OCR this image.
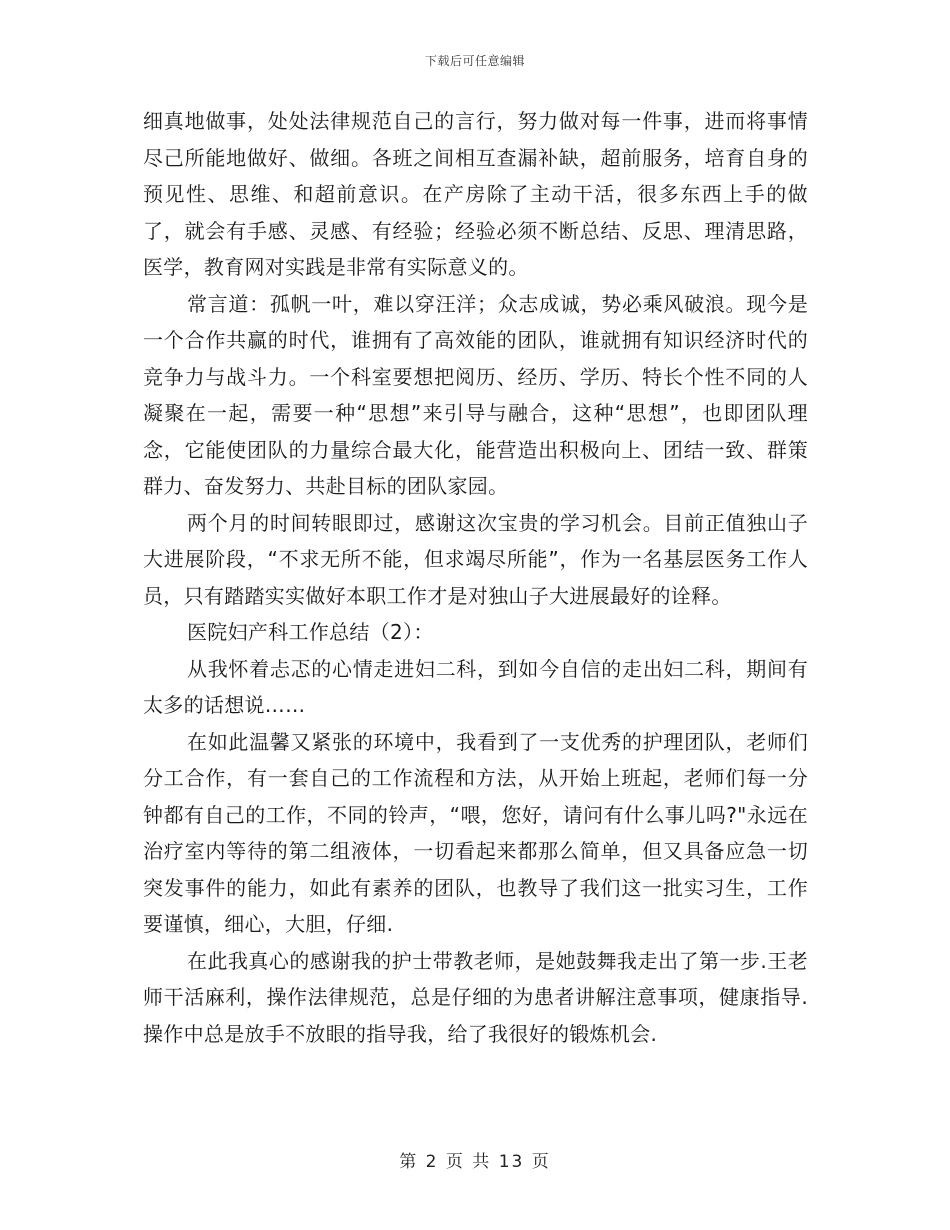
下载后可任意编辑

细真地做事，处处法律规范自己的言行，努力做对每一件事，进而将事情尽己所能地做好、做细。各班之间相互查漏补缺，超前服务，培育自身的预见性、思维、和超前意识。在产房除了主动干活，很多东西上手的做了，就会有手感、灵感、有经验；经验必须不断总结、反思、理清思路，医学，教育网对实践是非常有实际意义的。

常言道：孤帆一叶，难以穿汪洋；众志成诚，势必乘风破浪。现今是一个合作共赢的时代，谁拥有了高效能的团队，谁就拥有知识经济时代的竞争力与战斗力。一个科室要想把阅历、经历、学历、特长个性不同的人凝聚在一起，需要一种“思想”来引导与融合，这种“思想”，也即团队理念，它能使团队的力量综合最大化，能营造出积极向上、团结一致、群策群力、奋发努力、共赴目标的团队家园。

两个月的时间转眼即过，感谢这次宝贵的学习机会。目前正值独山子大进展阶段，“不求无所不能，但求竭尽所能”，作为一名基层医务工作人员，只有踏踏实实做好本职工作才是对独山子大进展最好的诠释。

医院妇产科工作总结（2）：

从我怀着忐忑的心情走进妇二科，到如今自信的走出妇二科，期间有太多的话想说……

在如此温馨又紧张的环境中，我看到了一支优秀的护理团队，老师们分工合作，有一套自己的工作流程和方法，从开始上班起，老师们每一分钟都有自己的工作，不同的铃声，“喂，您好，请问有什么事儿吗?"永远在治疗室内等待的第二组液体，一切看起来都那么简单，但又具备应急一切突发事件的能力，如此有素养的团队，也教导了我们这一批实习生，工作要谨慎，细心，大胆，仔细.

在此我真心的感谢我的护士带教老师，是她鼓舞我走出了第一步.王老师干活麻利，操作法律规范，总是仔细的为患者讲解注意事项，健康指导.操作中总是放手不放眼的指导我，给了我很好的锻炼机会.

第 2 页 共 13 页
